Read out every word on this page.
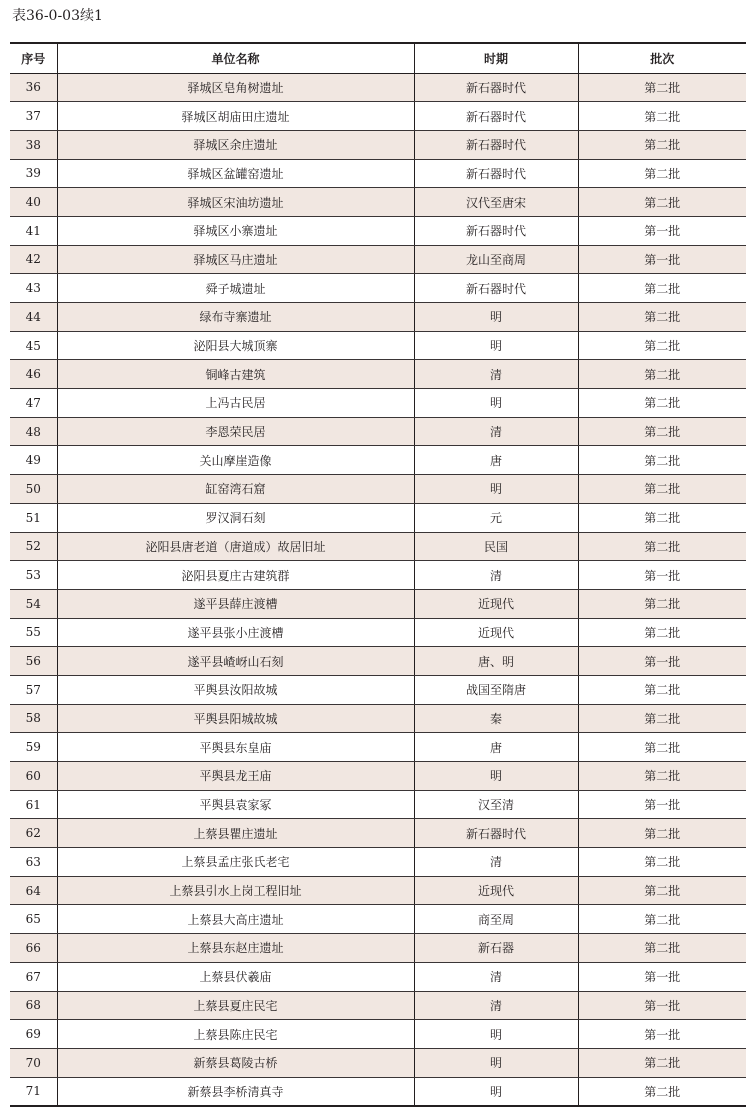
表36-0-03续1

序号	单位名称	时期	批次
36	驿城区皂角树遗址	新石器时代	第二批
37	驿城区胡庙田庄遗址	新石器时代	第二批
38	驿城区余庄遗址	新石器时代	第二批
39	驿城区盆罐窑遗址	新石器时代	第二批
40	驿城区宋油坊遗址	汉代至唐宋	第二批
41	驿城区小寨遗址	新石器时代	第一批
42	驿城区马庄遗址	龙山至商周	第一批
43	舜子城遗址	新石器时代	第二批
44	绿布寺寨遗址	明	第二批
45	泌阳县大城顶寨	明	第二批
46	铜峰古建筑	清	第二批
47	上冯古民居	明	第二批
48	李恩荣民居	清	第二批
49	关山摩崖造像	唐	第二批
50	缸窑湾石窟	明	第二批
51	罗汉洞石刻	元	第二批
52	泌阳县唐老道（唐道成）故居旧址	民国	第二批
53	泌阳县夏庄古建筑群	清	第一批
54	遂平县薛庄渡槽	近现代	第二批
55	遂平县张小庄渡槽	近现代	第二批
56	遂平县嵖岈山石刻	唐、明	第一批
57	平舆县汝阳故城	战国至隋唐	第二批
58	平舆县阳城故城	秦	第二批
59	平舆县东皇庙	唐	第二批
60	平舆县龙王庙	明	第二批
61	平舆县袁家冢	汉至清	第一批
62	上蔡县瞿庄遗址	新石器时代	第二批
63	上蔡县孟庄张氏老宅	清	第二批
64	上蔡县引水上岗工程旧址	近现代	第二批
65	上蔡县大高庄遗址	商至周	第二批
66	上蔡县东赵庄遗址	新石器	第二批
67	上蔡县伏羲庙	清	第一批
68	上蔡县夏庄民宅	清	第一批
69	上蔡县陈庄民宅	明	第一批
70	新蔡县葛陵古桥	明	第二批
71	新蔡县李桥清真寺	明	第二批
